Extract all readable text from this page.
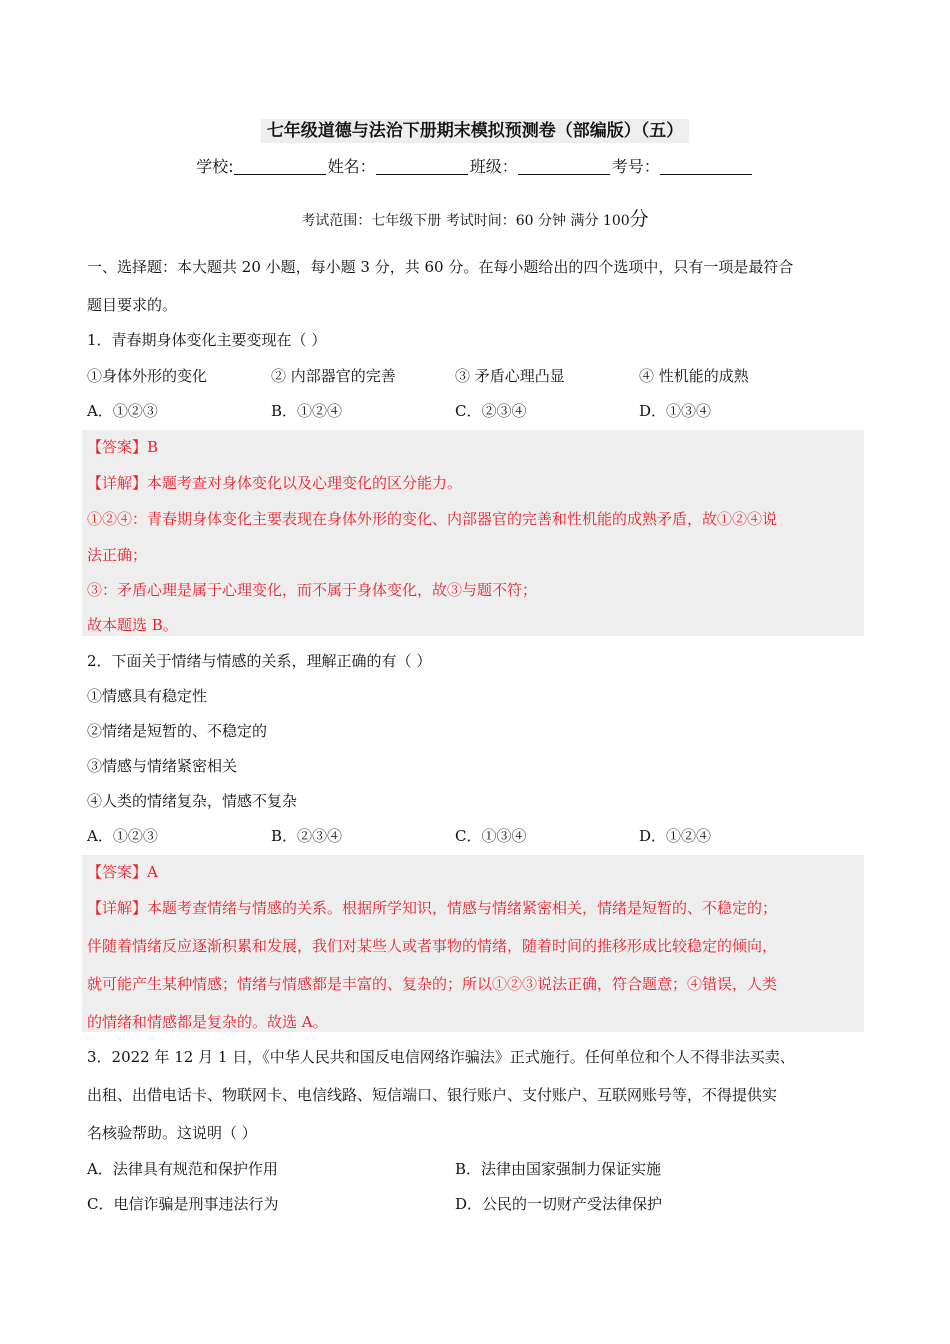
七年级道德与法治下册期末模拟预测卷（部编版）（五）
学校:	姓名：	班级：	考号：
考试范围：七年级下册 考试时间：60 分钟 满分 100分
一、选择题：本大题共 20 小题，每小题 3 分，共 60 分。在每小题给出的四个选项中，只有一项是最符合
题目要求的。
1．青春期身体变化主要变现在（ ）
①身体外形的变化	② 内部器官的完善	③ 矛盾心理凸显	④ 性机能的成熟
A．①②③	B．①②④	C．②③④	D．①③④
【答案】B
【详解】本题考查对身体变化以及心理变化的区分能力。
①②④：青春期身体变化主要表现在身体外形的变化、内部器官的完善和性机能的成熟矛盾，故①②④说
法正确；
③：矛盾心理是属于心理变化，而不属于身体变化，故③与题不符；
故本题选 B。
2．下面关于情绪与情感的关系，理解正确的有（ ）
①情感具有稳定性
②情绪是短暂的、不稳定的
③情感与情绪紧密相关
④人类的情绪复杂，情感不复杂
A．①②③	B．②③④	C．①③④	D．①②④
【答案】A
【详解】本题考查情绪与情感的关系。根据所学知识，情感与情绪紧密相关，情绪是短暂的、不稳定的；
伴随着情绪反应逐渐积累和发展，我们对某些人或者事物的情绪，随着时间的推移形成比较稳定的倾向，
就可能产生某种情感；情绪与情感都是丰富的、复杂的；所以①②③说法正确，符合题意；④错误，人类
的情绪和情感都是复杂的。故选 A。
3．2022 年 12 月 1 日，《中华人民共和国反电信网络诈骗法》正式施行。任何单位和个人不得非法买卖、
出租、出借电话卡、物联网卡、电信线路、短信端口、银行账户、支付账户、互联网账号等，不得提供实
名核验帮助。这说明（ ）
A．法律具有规范和保护作用	B．法律由国家强制力保证实施
C．电信诈骗是刑事违法行为	D．公民的一切财产受法律保护
